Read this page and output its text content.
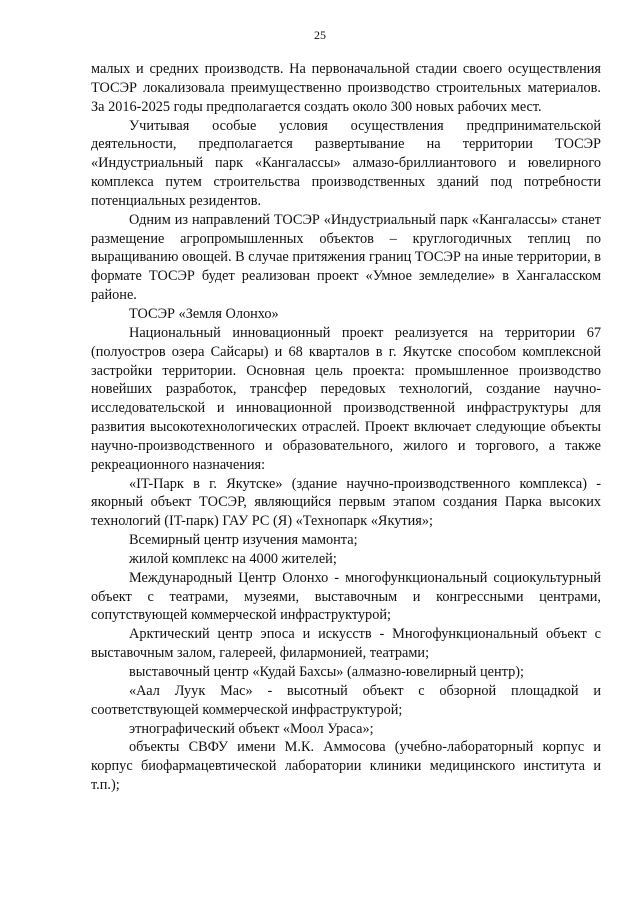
25

малых и средних производств. На первоначальной стадии своего осуществления ТОСЭР локализовала преимущественно производство строительных материалов. За 2016-2025 годы предполагается создать около 300 новых рабочих мест.

Учитывая особые условия осуществления предпринимательской деятельности, предполагается развертывание на территории ТОСЭР «Индустриальный парк «Кангалассы» алмазо-бриллиантового и ювелирного комплекса путем строительства производственных зданий под потребности потенциальных резидентов.

Одним из направлений ТОСЭР «Индустриальный парк «Кангалассы» станет размещение агропромышленных объектов – круглогодичных теплиц по выращиванию овощей. В случае притяжения границ ТОСЭР на иные территории, в формате ТОСЭР будет реализован проект «Умное земледелие» в Хангаласском районе.

ТОСЭР «Земля Олонхо»

Национальный инновационный проект реализуется на территории 67 (полуостров озера Сайсары) и 68 кварталов в г. Якутске способом комплексной застройки территории. Основная цель проекта: промышленное производство новейших разработок, трансфер передовых технологий, создание научно-исследовательской и инновационной производственной инфраструктуры для развития высокотехнологических отраслей. Проект включает следующие объекты научно-производственного и образовательного, жилого и торгового, а также рекреационного назначения:

«IT-Парк в г. Якутске» (здание научно-производственного комплекса) - якорный объект ТОСЭР, являющийся первым этапом создания Парка высоких технологий (IT-парк) ГАУ РС (Я) «Технопарк «Якутия»;

Всемирный центр изучения мамонта;

жилой комплекс на 4000 жителей;

Международный Центр Олонхо - многофункциональный социокультурный объект с театрами, музеями, выставочным и конгрессными центрами, сопутствующей коммерческой инфраструктурой;

Арктический центр эпоса и искусств - Многофункциональный объект с выставочным залом, галереей, филармонией, театрами;

выставочный центр «Кудай Бахсы» (алмазно-ювелирный центр);

«Аал Луук Мас» - высотный объект с обзорной площадкой и соответствующей коммерческой инфраструктурой;

этнографический объект «Моол Ураса»;

объекты СВФУ имени М.К. Аммосова (учебно-лабораторный корпус и корпус биофармацевтической лаборатории клиники медицинского института и т.п.);
